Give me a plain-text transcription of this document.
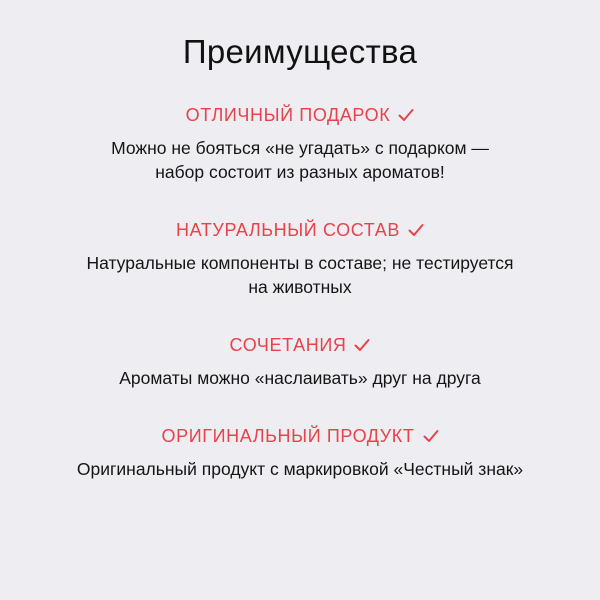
Преимущества
ОТЛИЧНЫЙ ПОДАРОК
Можно не бояться «не угадать» с подарком —
набор состоит из разных ароматов!
НАТУРАЛЬНЫЙ СОСТАВ
Натуральные компоненты в составе; не тестируется
на животных
СОЧЕТАНИЯ
Ароматы можно «наслаивать» друг на друга
ОРИГИНАЛЬНЫЙ ПРОДУКТ
Оригинальный продукт с маркировкой «Честный знак»
